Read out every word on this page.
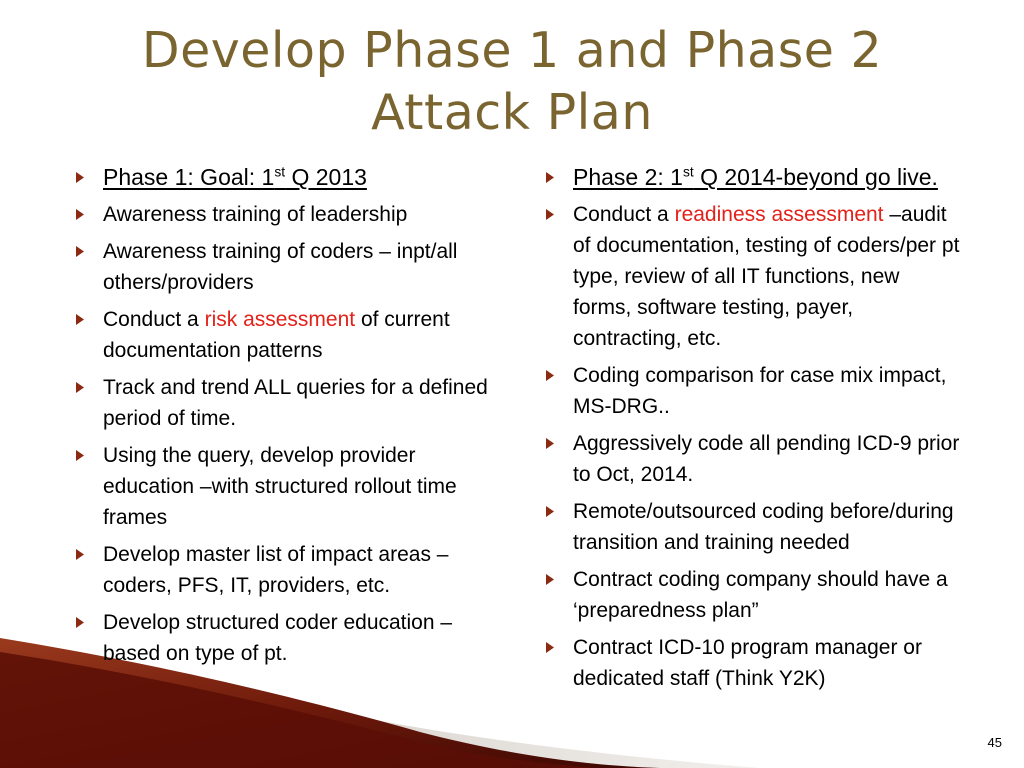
Develop Phase 1 and Phase 2
Attack Plan
Phase 1: Goal: 1st Q 2013
Awareness training of leadership
Awareness training of coders – inpt/all others/providers
Conduct a risk assessment of current documentation patterns
Track and trend ALL queries for a defined period of time.
Using the query, develop provider education –with structured rollout time frames
Develop master list of impact areas – coders, PFS, IT, providers, etc.
Develop structured coder education –based on type of pt.
Phase 2: 1st Q 2014-beyond go live.
Conduct a readiness assessment –audit of documentation, testing of coders/per pt type, review of all IT functions, new forms, software testing, payer, contracting, etc.
Coding comparison for case mix impact, MS-DRG..
Aggressively code all pending ICD-9 prior to Oct, 2014.
Remote/outsourced coding before/during transition and training needed
Contract coding company should have a ‘preparedness plan”
Contract ICD-10 program manager or dedicated staff (Think Y2K)
45
